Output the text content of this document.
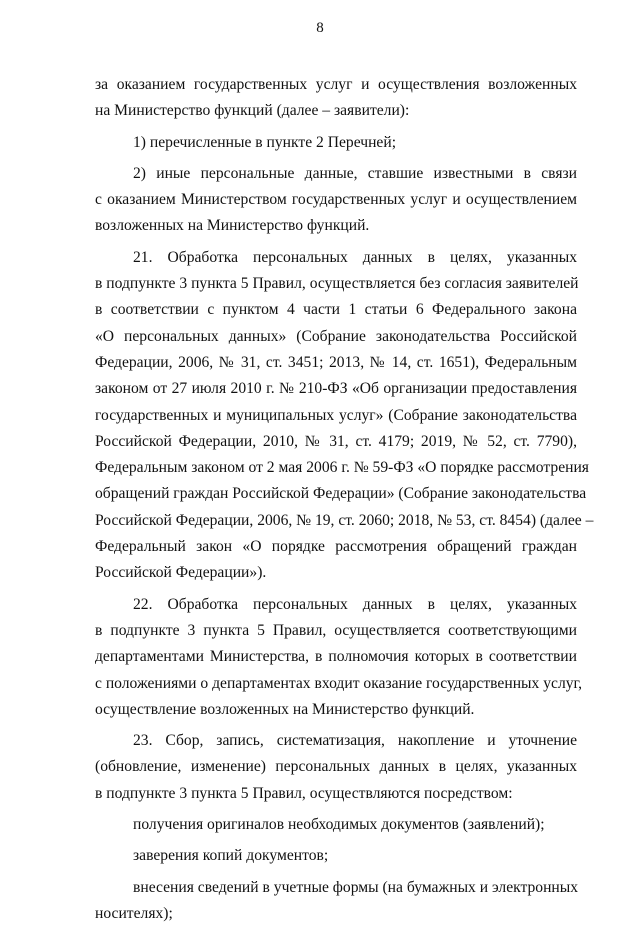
8
за оказанием государственных услуг и осуществления возложенных
на Министерство функций (далее – заявители):
1) перечисленные в пункте 2 Перечней;
2) иные персональные данные, ставшие известными в связи
с оказанием Министерством государственных услуг и осуществлением
возложенных на Министерство функций.
21. Обработка персональных данных в целях, указанных
в подпункте 3 пункта 5 Правил, осуществляется без согласия заявителей
в соответствии с пунктом 4 части 1 статьи 6 Федерального закона
«О персональных данных» (Собрание законодательства Российской
Федерации, 2006, № 31, ст. 3451; 2013, № 14, ст. 1651), Федеральным
законом от 27 июля 2010 г. № 210-ФЗ «Об организации предоставления
государственных и муниципальных услуг» (Собрание законодательства
Российской Федерации, 2010, № 31, ст. 4179; 2019, № 52, ст. 7790),
Федеральным законом от 2 мая 2006 г. № 59-ФЗ «О порядке рассмотрения
обращений граждан Российской Федерации» (Собрание законодательства
Российской Федерации, 2006, № 19, ст. 2060; 2018, № 53, ст. 8454) (далее –
Федеральный закон «О порядке рассмотрения обращений граждан
Российской Федерации»).
22. Обработка персональных данных в целях, указанных
в подпункте 3 пункта 5 Правил, осуществляется соответствующими
департаментами Министерства, в полномочия которых в соответствии
с положениями о департаментах входит оказание государственных услуг,
осуществление возложенных на Министерство функций.
23. Сбор, запись, систематизация, накопление и уточнение
(обновление, изменение) персональных данных в целях, указанных
в подпункте 3 пункта 5 Правил, осуществляются посредством:
получения оригиналов необходимых документов (заявлений);
заверения копий документов;
внесения сведений в учетные формы (на бумажных и электронных
носителях);
